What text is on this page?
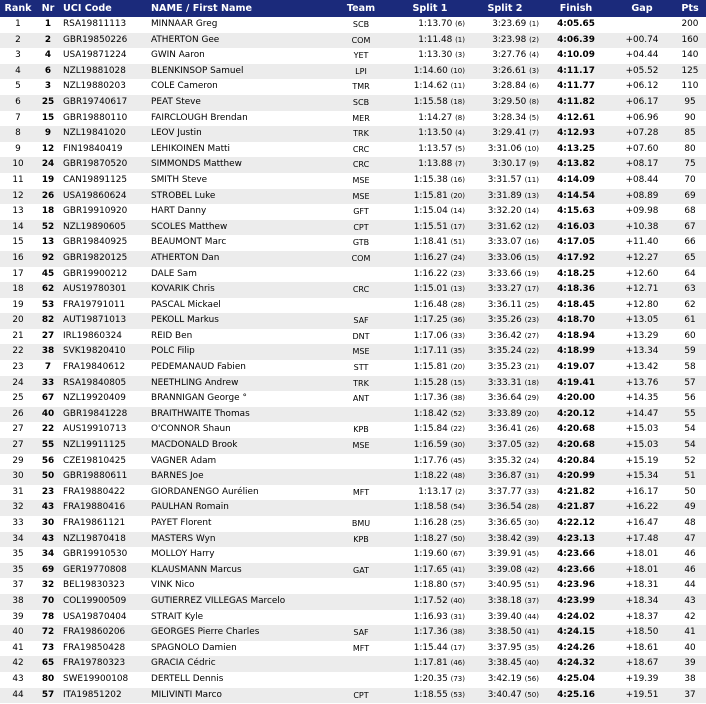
Rank	Nr	UCI Code	NAME / First Name	Team	Split 1	Split 2	Finish	Gap	Pts
1	1	RSA19811113	MINNAAR Greg	SCB	1:13.70 (6)	3:23.69 (1)	4:05.65		200
2	2	GBR19850226	ATHERTON Gee	COM	1:11.48 (1)	3:23.98 (2)	4:06.39	+00.74	160
3	4	USA19871224	GWIN Aaron	YET	1:13.30 (3)	3:27.76 (4)	4:10.09	+04.44	140
4	6	NZL19881028	BLENKINSOP Samuel	LPI	1:14.60 (10)	3:26.61 (3)	4:11.17	+05.52	125
5	3	NZL19880203	COLE Cameron	TMR	1:14.62 (11)	3:28.84 (6)	4:11.77	+06.12	110
6	25	GBR19740617	PEAT Steve	SCB	1:15.58 (18)	3:29.50 (8)	4:11.82	+06.17	95
7	15	GBR19880110	FAIRCLOUGH Brendan	MER	1:14.27 (8)	3:28.34 (5)	4:12.61	+06.96	90
8	9	NZL19841020	LEOV Justin	TRK	1:13.50 (4)	3:29.41 (7)	4:12.93	+07.28	85
9	12	FIN19840419	LEHIKOINEN Matti	CRC	1:13.57 (5)	3:31.06 (10)	4:13.25	+07.60	80
10	24	GBR19870520	SIMMONDS Matthew	CRC	1:13.88 (7)	3:30.17 (9)	4:13.82	+08.17	75
11	19	CAN19891125	SMITH Steve	MSE	1:15.38 (16)	3:31.57 (11)	4:14.09	+08.44	70
12	26	USA19860624	STROBEL Luke	MSE	1:15.81 (20)	3:31.89 (13)	4:14.54	+08.89	69
13	18	GBR19910920	HART Danny	GFT	1:15.04 (14)	3:32.20 (14)	4:15.63	+09.98	68
14	52	NZL19890605	SCOLES Matthew	CPT	1:15.51 (17)	3:31.62 (12)	4:16.03	+10.38	67
15	13	GBR19840925	BEAUMONT Marc	GTB	1:18.41 (51)	3:33.07 (16)	4:17.05	+11.40	66
16	92	GBR19820125	ATHERTON Dan	COM	1:16.27 (24)	3:33.06 (15)	4:17.92	+12.27	65
17	45	GBR19900212	DALE Sam		1:16.22 (23)	3:33.66 (19)	4:18.25	+12.60	64
18	62	AUS19780301	KOVARIK Chris	CRC	1:15.01 (13)	3:33.27 (17)	4:18.36	+12.71	63
19	53	FRA19791011	PASCAL Mickael		1:16.48 (28)	3:36.11 (25)	4:18.45	+12.80	62
20	82	AUT19871013	PEKOLL Markus	SAF	1:17.25 (36)	3:35.26 (23)	4:18.70	+13.05	61
21	27	IRL19860324	REID Ben	DNT	1:17.06 (33)	3:36.42 (27)	4:18.94	+13.29	60
22	38	SVK19820410	POLC Filip	MSE	1:17.11 (35)	3:35.24 (22)	4:18.99	+13.34	59
23	7	FRA19840612	PEDEMANAUD Fabien	STT	1:15.81 (20)	3:35.23 (21)	4:19.07	+13.42	58
24	33	RSA19840805	NEETHLING Andrew	TRK	1:15.28 (15)	3:33.31 (18)	4:19.41	+13.76	57
25	67	NZL19920409	BRANNIGAN George °	ANT	1:17.36 (38)	3:36.64 (29)	4:20.00	+14.35	56
26	40	GBR19841228	BRAITHWAITE Thomas		1:18.42 (52)	3:33.89 (20)	4:20.12	+14.47	55
27	22	AUS19910713	O'CONNOR Shaun	KPB	1:15.84 (22)	3:36.41 (26)	4:20.68	+15.03	54
27	55	NZL19911125	MACDONALD Brook	MSE	1:16.59 (30)	3:37.05 (32)	4:20.68	+15.03	54
29	56	CZE19810425	VAGNER Adam		1:17.76 (45)	3:35.32 (24)	4:20.84	+15.19	52
30	50	GBR19880611	BARNES Joe		1:18.22 (48)	3:36.87 (31)	4:20.99	+15.34	51
31	23	FRA19880422	GIORDANENGO Aurélien	MFT	1:13.17 (2)	3:37.77 (33)	4:21.82	+16.17	50
32	43	FRA19880416	PAULHAN Romain		1:18.58 (54)	3:36.54 (28)	4:21.87	+16.22	49
33	30	FRA19861121	PAYET Florent	BMU	1:16.28 (25)	3:36.65 (30)	4:22.12	+16.47	48
34	43	NZL19870418	MASTERS Wyn	KPB	1:18.27 (50)	3:38.42 (39)	4:23.13	+17.48	47
35	34	GBR19910530	MOLLOY Harry		1:19.60 (67)	3:39.91 (45)	4:23.66	+18.01	46
35	69	GER19770808	KLAUSMANN Marcus	GAT	1:17.65 (41)	3:39.08 (42)	4:23.66	+18.01	46
37	32	BEL19830323	VINK Nico		1:18.80 (57)	3:40.95 (51)	4:23.96	+18.31	44
38	70	COL19900509	GUTIERREZ VILLEGAS Marcelo		1:17.52 (40)	3:38.18 (37)	4:23.99	+18.34	43
39	78	USA19870404	STRAIT Kyle		1:16.93 (31)	3:39.40 (44)	4:24.02	+18.37	42
40	72	FRA19860206	GEORGES Pierre Charles	SAF	1:17.36 (38)	3:38.50 (41)	4:24.15	+18.50	41
41	73	FRA19850428	SPAGNOLO Damien	MFT	1:15.44 (17)	3:37.95 (35)	4:24.26	+18.61	40
42	65	FRA19780323	GRACIA Cédric		1:17.81 (46)	3:38.45 (40)	4:24.32	+18.67	39
43	80	SWE19900108	DERTELL Dennis		1:20.35 (73)	3:42.19 (56)	4:25.04	+19.39	38
44	57	ITA19851202	MILIVINTI Marco	CPT	1:18.55 (53)	3:40.47 (50)	4:25.16	+19.51	37
